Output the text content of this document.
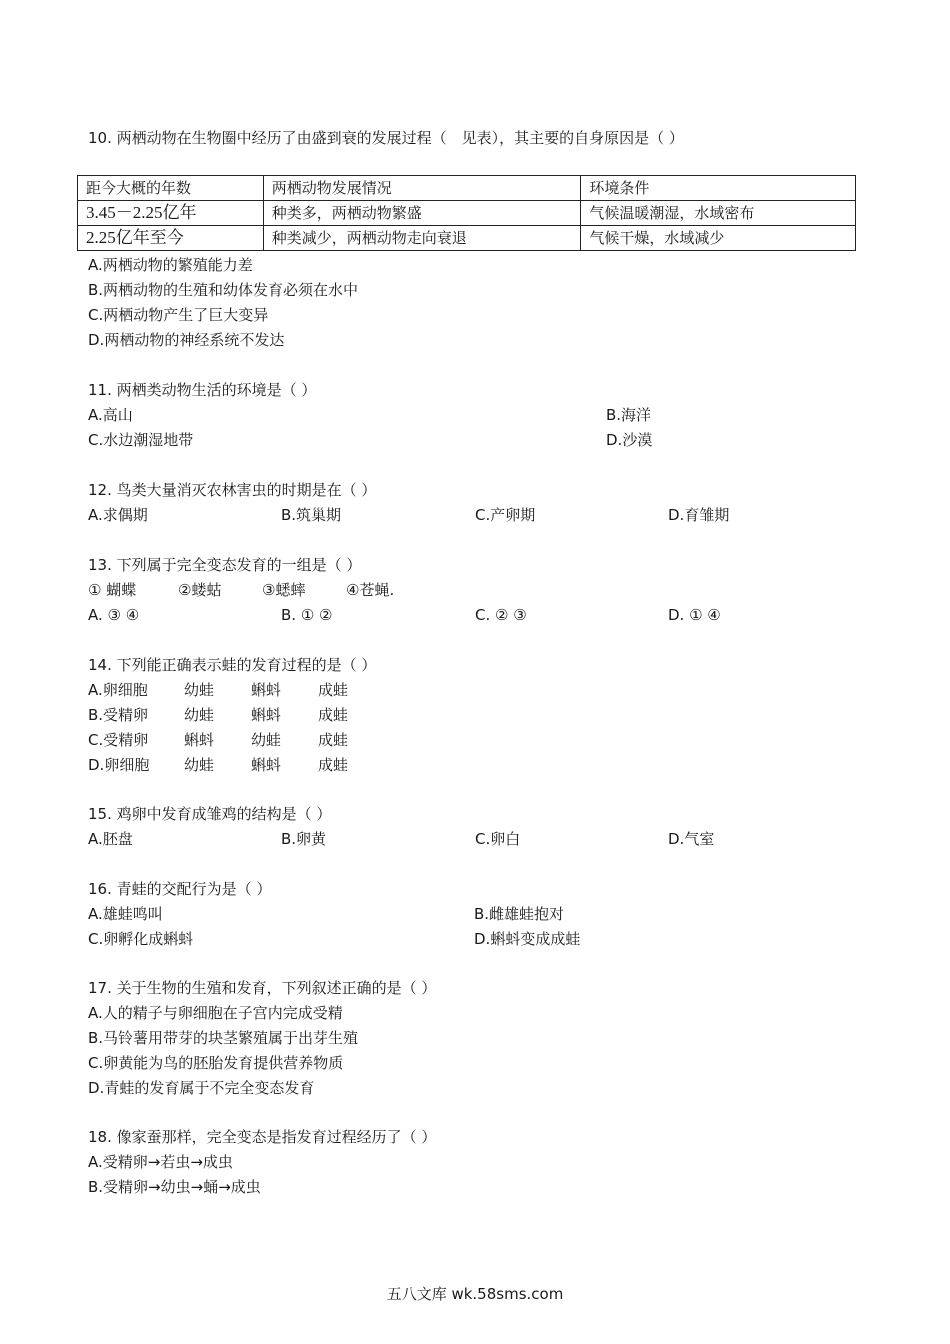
10. 两栖动物在生物圈中经历了由盛到衰的发展过程（　见表），其主要的自身原因是（ ）
距今大概的年数	两栖动物发展情况	环境条件
3.45－2.25亿年	种类多，两栖动物繁盛	气候温暖潮湿，水域密布
2.25亿年至今	种类减少，两栖动物走向衰退	气候干燥，水域减少
A.两栖动物的繁殖能力差
B.两栖动物的生殖和幼体发育必须在水中
C.两栖动物产生了巨大变异
D.两栖动物的神经系统不发达
11. 两栖类动物生活的环境是（ ）
A.高山	B.海洋
C.水边潮湿地带	D.沙漠
12. 鸟类大量消灭农林害虫的时期是在（ ）
A.求偶期	B.筑巢期	C.产卵期	D.育雏期
13. 下列属于完全变态发育的一组是（ ）
① 蝴蝶	②蝼蛄	③蟋蟀	④苍蝇.
A. ③ ④	B. ① ②	C. ② ③	D. ① ④
14. 下列能正确表示蛙的发育过程的是（ ）
A.卵细胞 幼蛙 蝌蚪 成蛙
B.受精卵 幼蛙 蝌蚪 成蛙
C.受精卵 蝌蚪 幼蛙 成蛙
D.卵细胞 幼蛙 蝌蚪 成蛙
15. 鸡卵中发育成雏鸡的结构是（ ）
A.胚盘	B.卵黄	C.卵白	D.气室
16. 青蛙的交配行为是（ ）
A.雄蛙鸣叫	B.雌雄蛙抱对
C.卵孵化成蝌蚪	D.蝌蚪变成成蛙
17. 关于生物的生殖和发育，下列叙述正确的是（ ）
A.人的精子与卵细胞在子宫内完成受精
B.马铃薯用带芽的块茎繁殖属于出芽生殖
C.卵黄能为鸟的胚胎发育提供营养物质
D.青蛙的发育属于不完全变态发育
18. 像家蚕那样，完全变态是指发育过程经历了（ ）
A.受精卵→若虫→成虫
B.受精卵→幼虫→蛹→成虫
五八文库 wk.58sms.com
